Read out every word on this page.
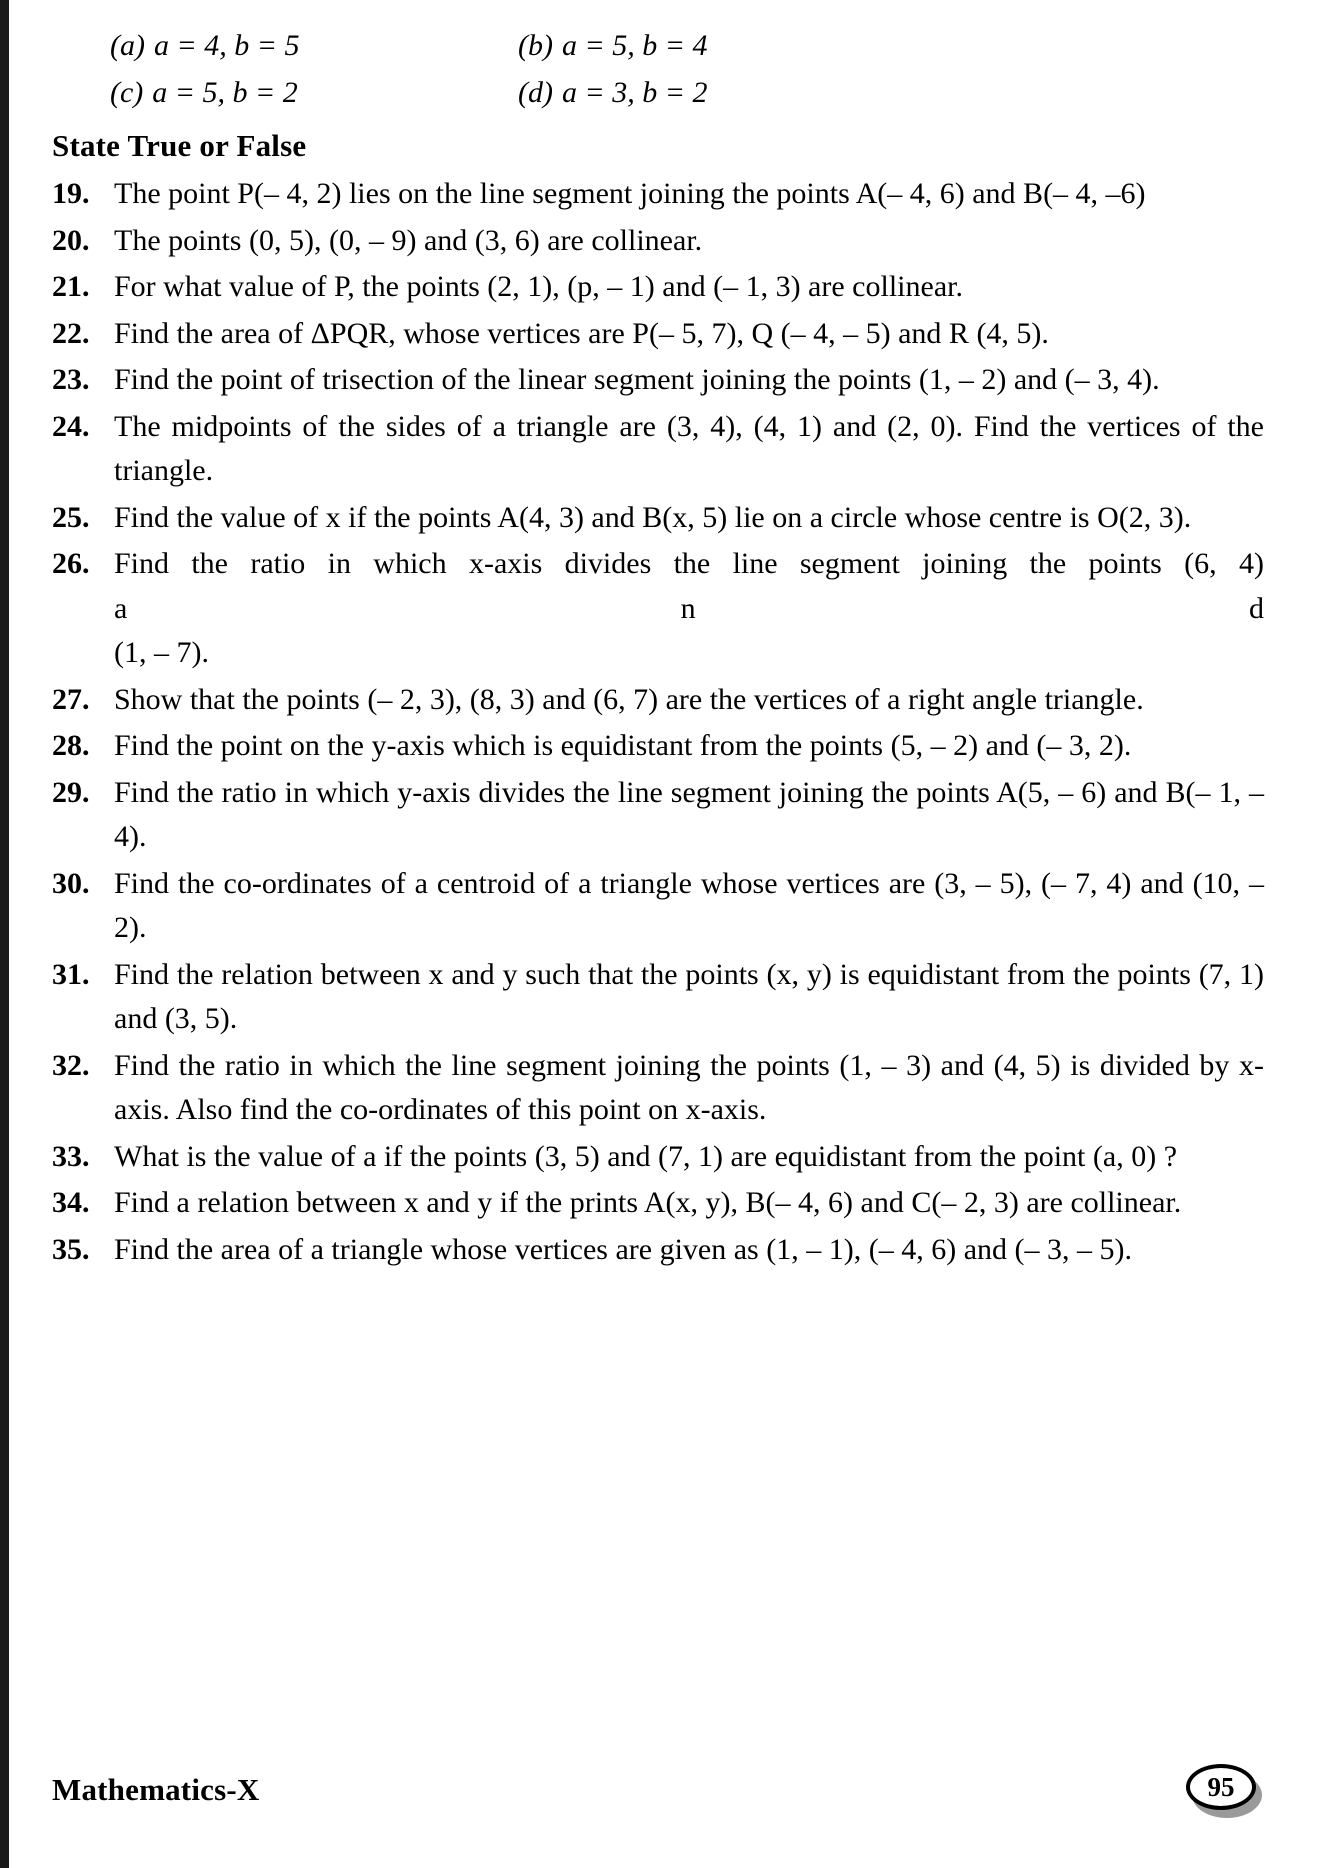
(a) a = 4, b = 5	(b) a = 5, b = 4
(c) a = 5, b = 2	(d) a = 3, b = 2
State True or False
19. The point P(– 4, 2) lies on the line segment joining the points A(– 4, 6) and B(– 4, –6)
20. The points (0, 5), (0, – 9) and (3, 6) are collinear.
21. For what value of P, the points (2, 1), (p, – 1) and (– 1, 3) are collinear.
22. Find the area of ΔPQR, whose vertices are P(– 5, 7), Q (– 4, – 5) and R (4, 5).
23. Find the point of trisection of the linear segment joining the points (1, – 2) and (– 3, 4).
24. The midpoints of the sides of a triangle are (3, 4), (4, 1) and (2, 0). Find the vertices of the triangle.
25. Find the value of x if the points A(4, 3) and B(x, 5) lie on a circle whose centre is O(2, 3).
26. Find the ratio in which x-axis divides the line segment joining the points (6, 4)
a n d
(1, – 7).
27. Show that the points (– 2, 3), (8, 3) and (6, 7) are the vertices of a right angle triangle.
28. Find the point on the y-axis which is equidistant from the points (5, – 2) and (– 3, 2).
29. Find the ratio in which y-axis divides the line segment joining the points A(5, – 6) and B(– 1, – 4).
30. Find the co-ordinates of a centroid of a triangle whose vertices are (3, – 5), (– 7, 4) and (10, – 2).
31. Find the relation between x and y such that the points (x, y) is equidistant from the points (7, 1) and (3, 5).
32. Find the ratio in which the line segment joining the points (1, – 3) and (4, 5) is divided by x-axis. Also find the co-ordinates of this point on x-axis.
33. What is the value of a if the points (3, 5) and (7, 1) are equidistant from the point (a, 0) ?
34. Find a relation between x and y if the prints A(x, y), B(– 4, 6) and C(– 2, 3) are collinear.
35. Find the area of a triangle whose vertices are given as (1, – 1), (– 4, 6) and (– 3, – 5).
Mathematics-X	95
